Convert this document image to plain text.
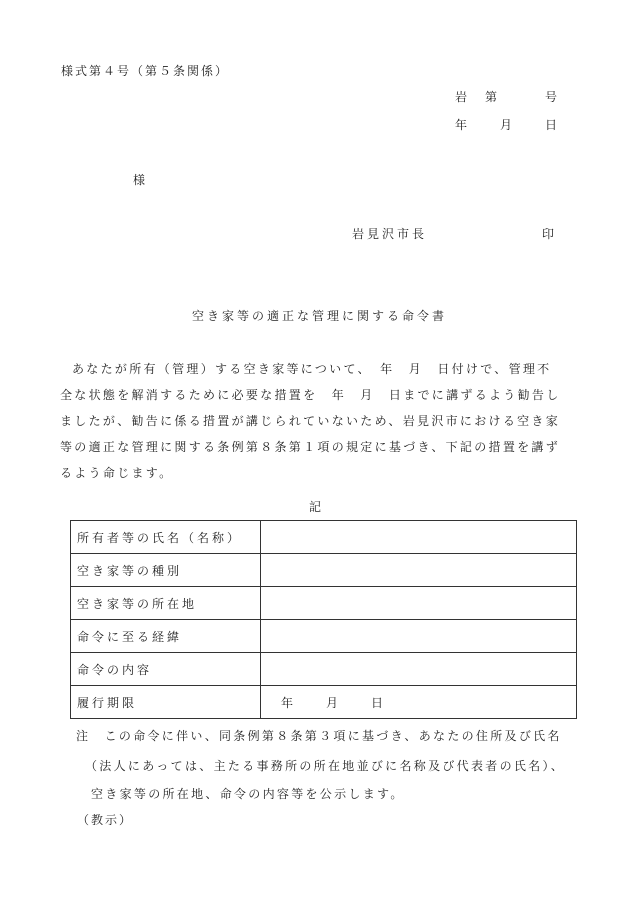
様式第４号（第５条関係）
岩　第　　　号
年　　月　　日
様
岩見沢市長	印
空き家等の適正な管理に関する命令書

あなたが所有（管理）する空き家等について、　年　月　日付けで、管理不

全な状態を解消するために必要な措置を　年　月　日までに講ずるよう勧告し

ましたが、勧告に係る措置が講じられていないため、岩見沢市における空き家

等の適正な管理に関する条例第８条第１項の規定に基づき、下記の措置を講ず

るよう命じます。

記
所有者等の氏名（名称）	
空き家等の種別	
空き家等の所在地	
命令に至る経緯	
命令の内容	
履行期限	年　　月　　日
注　この命令に伴い、同条例第８条第３項に基づき、あなたの住所及び氏名
（法人にあっては、主たる事務所の所在地並びに名称及び代表者の氏名）、
空き家等の所在地、命令の内容等を公示します。
（教示）
